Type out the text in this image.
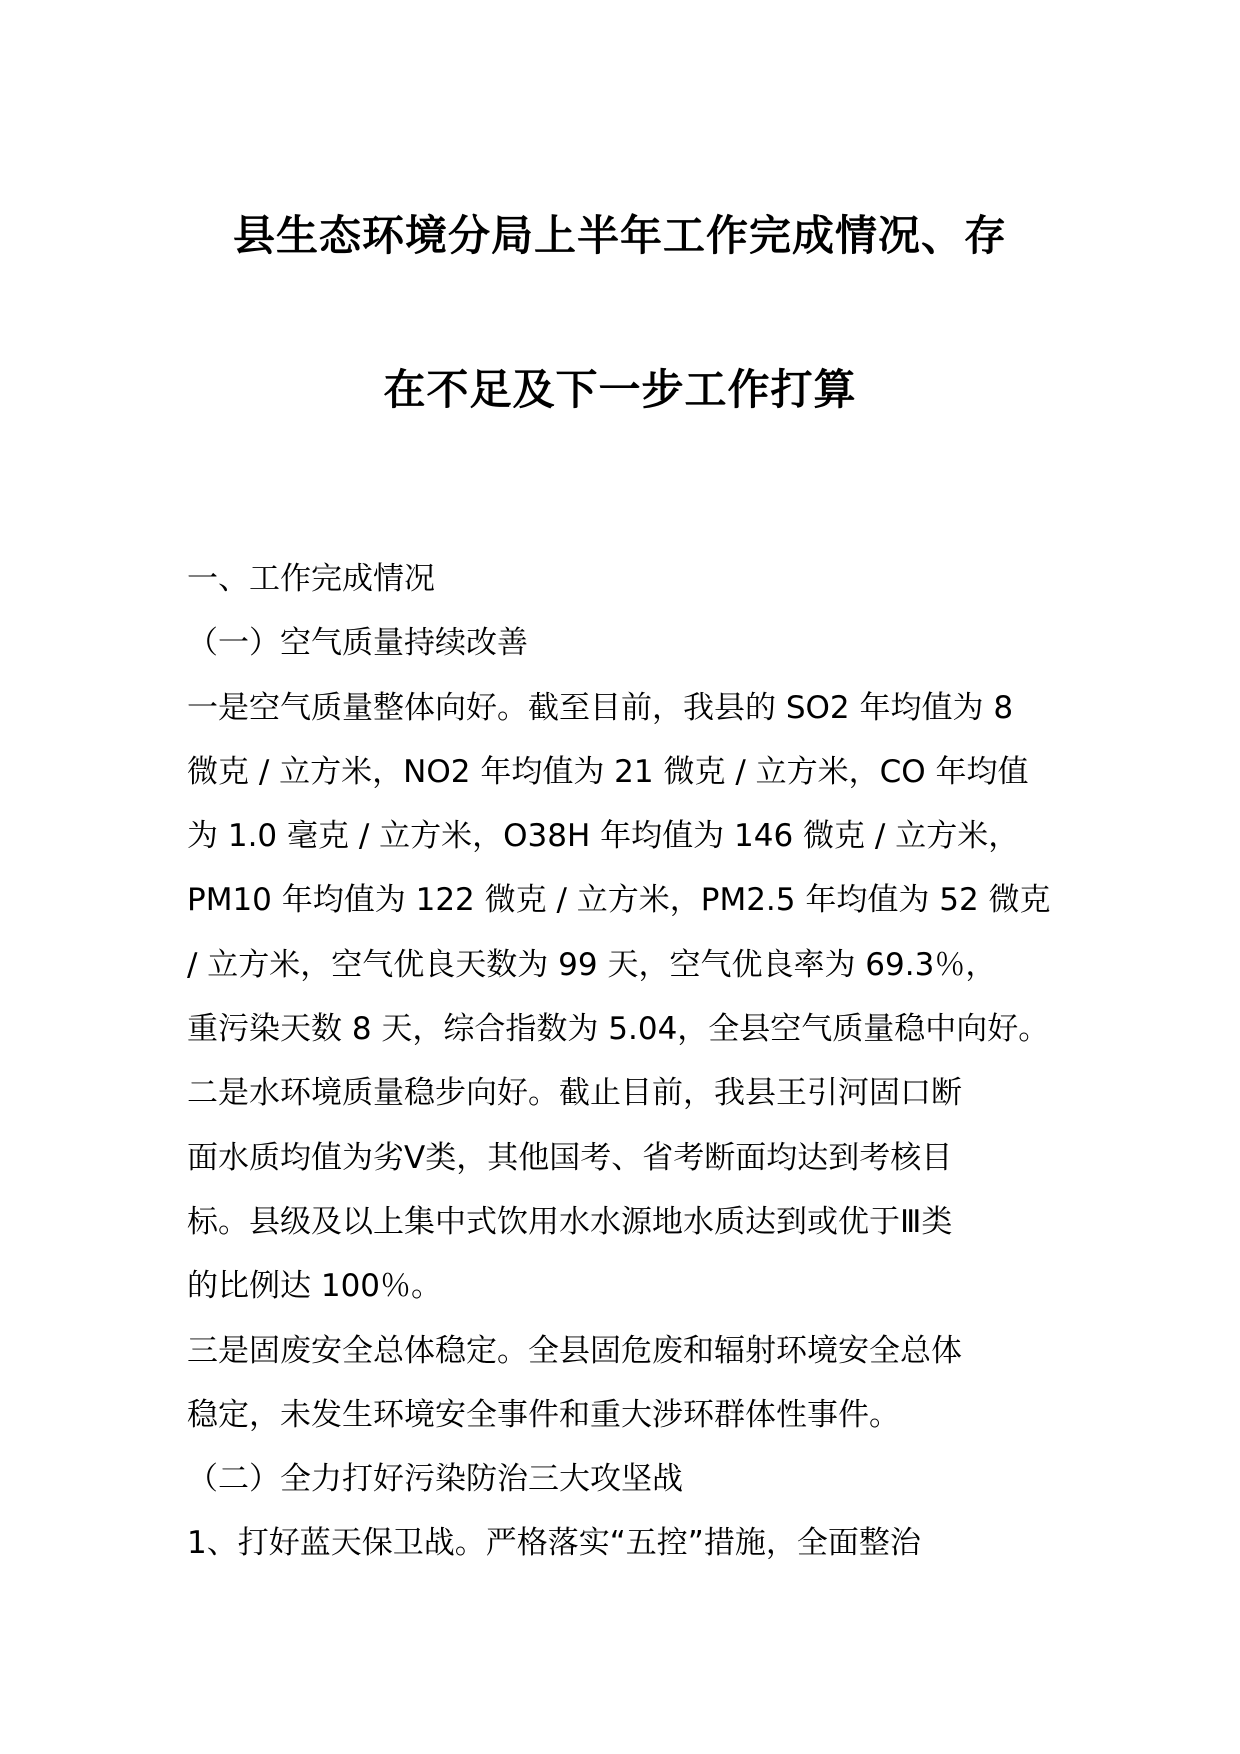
县生态环境分局上半年工作完成情况、存
在不足及下一步工作打算
一、工作完成情况
（一）空气质量持续改善
一是空气质量整体向好。截至目前，我县的 SO2 年均值为 8
微克 / 立方米，NO2 年均值为 21 微克 / 立方米，CO 年均值
为 1.0 毫克 / 立方米，O38H 年均值为 146 微克 / 立方米，
PM10 年均值为 122 微克 / 立方米，PM2.5 年均值为 52 微克
/ 立方米，空气优良天数为 99 天，空气优良率为 69.3％，
重污染天数 8 天，综合指数为 5.04，全县空气质量稳中向好。
二是水环境质量稳步向好。截止目前，我县王引河固口断
面水质均值为劣Ⅴ类，其他国考、省考断面均达到考核目
标。县级及以上集中式饮用水水源地水质达到或优于Ⅲ类
的比例达 100％。
三是固废安全总体稳定。全县固危废和辐射环境安全总体
稳定，未发生环境安全事件和重大涉环群体性事件。
（二）全力打好污染防治三大攻坚战
1、打好蓝天保卫战。严格落实“五控”措施，全面整治
